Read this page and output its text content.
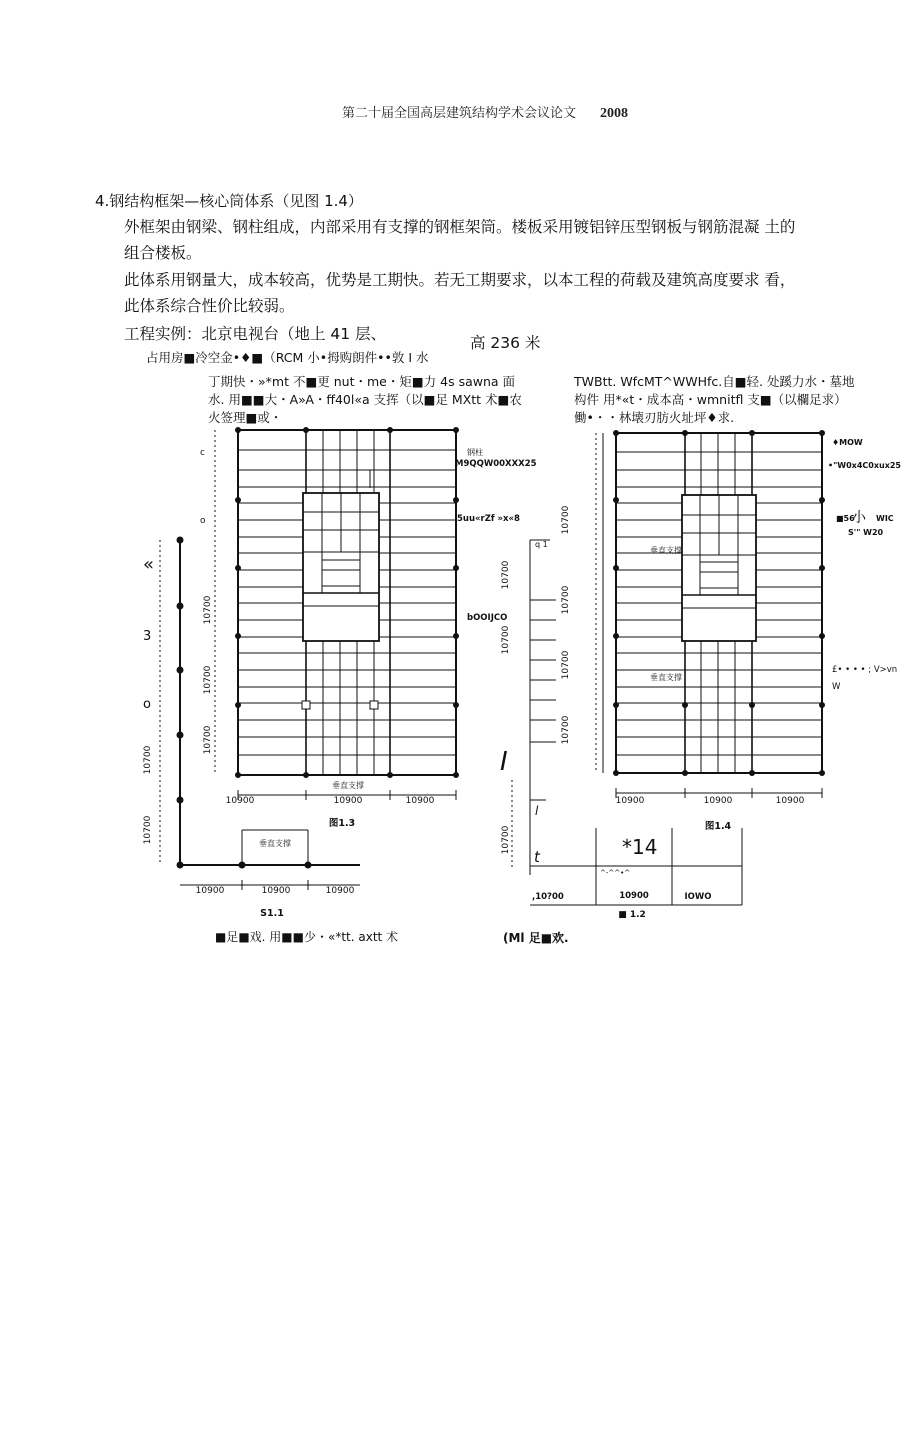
第二十届全国高层建筑结构学术会议论文 2008
4.钢结构框架—核心筒体系（见图 1.4）
外框架由钢梁、钢柱组成，内部采用有支撑的钢框架筒。楼板采用镀铝锌压型钢板与钢筋混凝 土的
组合楼板。
此体系用钢量大，成本较高，优势是工期快。若无工期要求，以本工程的荷载及建筑高度要求 看，
此体系综合性价比较弱。
工程实例：北京电视台（地上 41 层、	高 236 米
占用房■冷空金•♦■（RCM 小•拇购朗件••敦 I 水
丁期快・»*mt 不■更 nut・me・矩■力 4s sawna 面
水. 用■■大・A»A・ff40l«a 支挥（以■足 MXtt 术■农
火签理■或・
TWBtt. WfcMT^WWHfc.自■轻. 处蹊力水・墓地
构件 用*«t・成本高・wmnitfl 支■（以欄足求）
働•・・林壊刃肪火址坪♦求.
10900	10900	10900
10700
10700
10700
垂直支撑
图1.3
钢柱
M9QQW00XXX25
5uu«rZf »x«8
bOOIJCO
c
o
«
3
o
10900	10900	10900
10700
10700	垂直支撑
S1.1
■足■戏. 用■■少・«*tt. axtt 术
10900	10900	10900
垂直支撑
垂直支撑
图1.4
♦MOW
•"W0x4C0xux25
■56
小 WIC
S'" W20
£• • • • ; V>vn
W
10700
10700
10700
10700
q 1
10700
10700
10700
I
l
t	*14
^-^^•^
,10?00	10900	IOWO
■ 1.2
(Ml 足■欢.
